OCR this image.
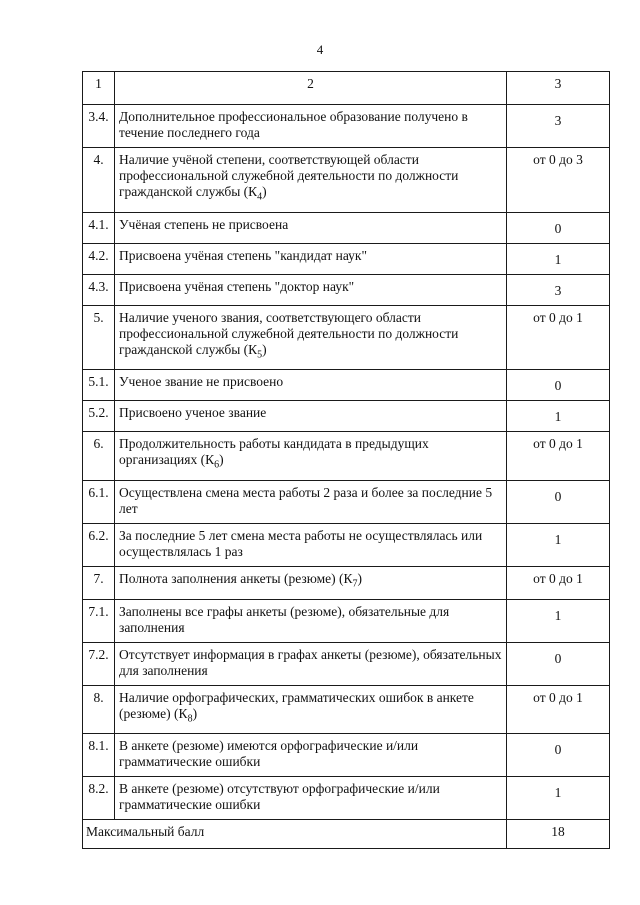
4
1	2	3
3.4.	Дополнительное профессиональное образование получено в течение последнего года	3
4.	Наличие учёной степени, соответствующей области профессиональной служебной деятельности по должности гражданской службы $(К_4)$	от 0 до 3
4.1.	Учёная степень не присвоена	0
4.2.	Присвоена учёная степень "кандидат наук"	1
4.3.	Присвоена учёная степень "доктор наук"	3
5.	Наличие ученого звания, соответствующего области профессиональной служебной деятельности по должности гражданской службы $(К_5)$	от 0 до 1
5.1.	Ученое звание не присвоено	0
5.2.	Присвоено ученое звание	1
6.	Продолжительность работы кандидата в предыдущих организациях $(К_6)$	от 0 до 1
6.1.	Осуществлена смена места работы 2 раза и более за последние 5 лет	0
6.2.	За последние 5 лет смена места работы не осуществлялась или осуществлялась 1 раз	1
7.	Полнота заполнения анкеты (резюме) $(К_7)$	от 0 до 1
7.1.	Заполнены все графы анкеты (резюме), обязательные для заполнения	1
7.2.	Отсутствует информация в графах анкеты (резюме), обязательных для заполнения	0
8.	Наличие орфографических, грамматических ошибок в анкете (резюме) $(К_8)$	от 0 до 1
8.1.	В анкете (резюме) имеются орфографические и/или грамматические ошибки	0
8.2.	В анкете (резюме) отсутствуют орфографические и/или грамматические ошибки	1
Максимальный балл		18
